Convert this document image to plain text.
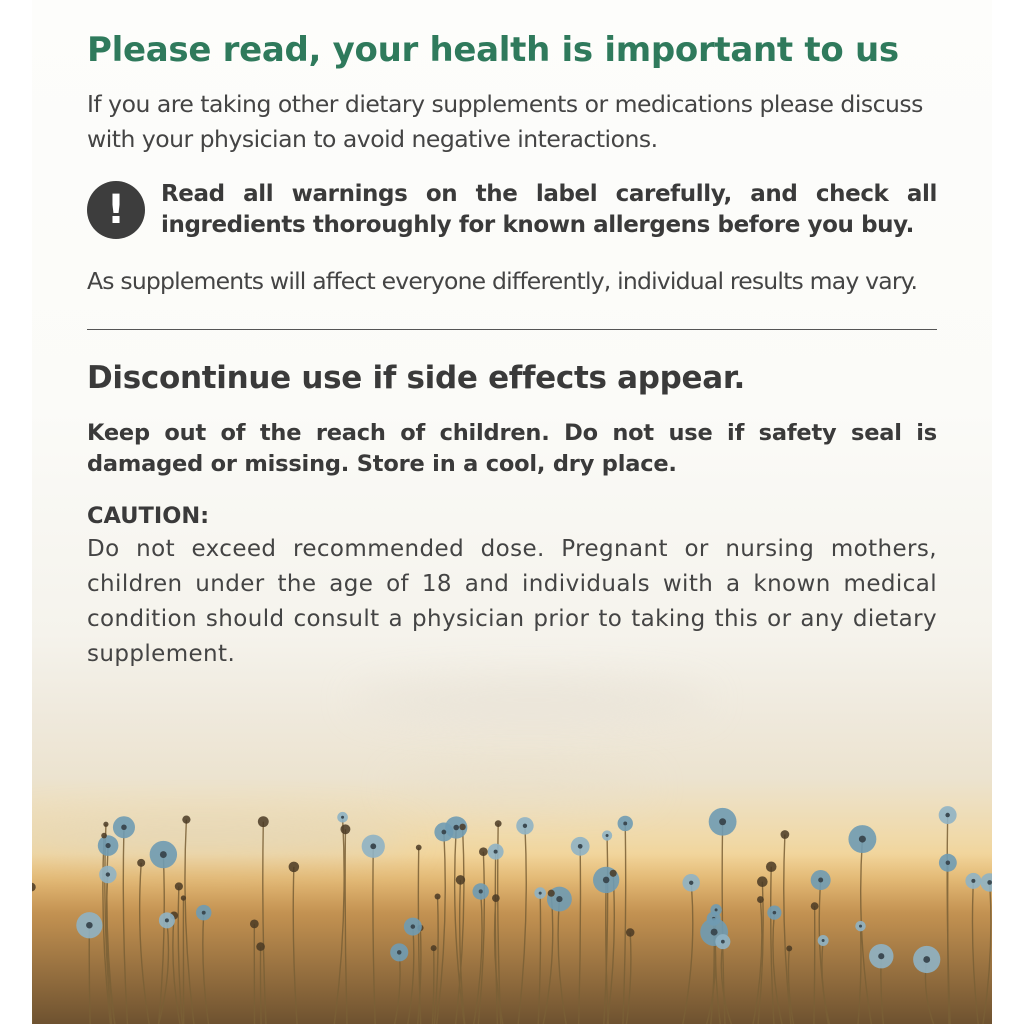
Please read, your health is important to us

If you are taking other dietary supplements or medications please discuss with your physician to avoid negative interactions.

!	Read all warnings on the label carefully, and check all ingredients thoroughly for known allergens before you buy.

As supplements will affect everyone differently, individual results may vary.

Discontinue use if side effects appear.

Keep out of the reach of children. Do not use if safety seal is damaged or missing. Store in a cool, dry place.

CAUTION:

Do not exceed recommended dose. Pregnant or nursing mothers, children under the age of 18 and individuals with a known medical condition should consult a physician prior to taking this or any dietary supplement.
